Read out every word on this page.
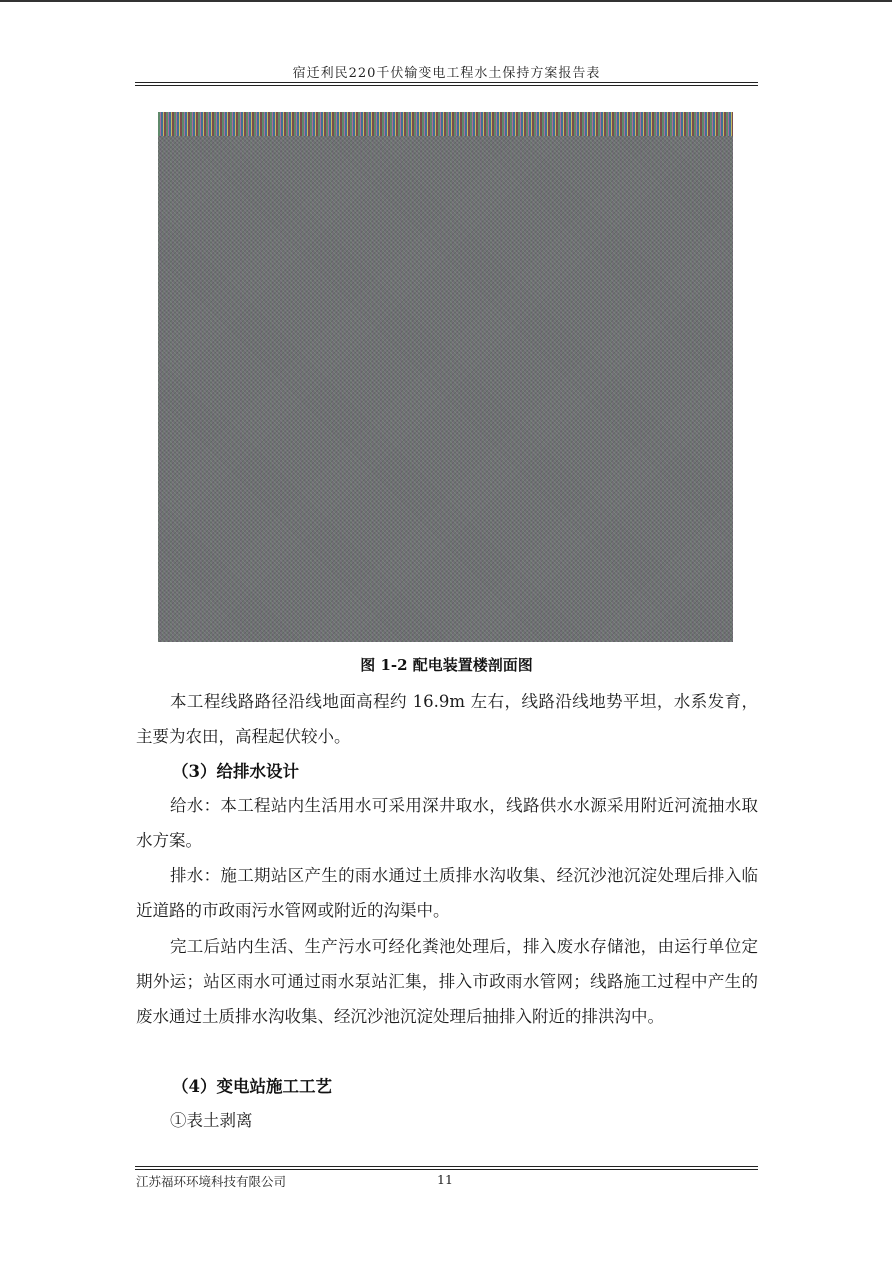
宿迁利民220千伏输变电工程水土保持方案报告表
图 1-2 配电装置楼剖面图

本工程线路路径沿线地面高程约 16.9m 左右，线路沿线地势平坦，水系发育，主要为农田，高程起伏较小。

（3）给排水设计

给水：本工程站内生活用水可采用深井取水，线路供水水源采用附近河流抽水取水方案。

排水：施工期站区产生的雨水通过土质排水沟收集、经沉沙池沉淀处理后排入临近道路的市政雨污水管网或附近的沟渠中。

完工后站内生活、生产污水可经化粪池处理后，排入废水存储池，由运行单位定期外运；站区雨水可通过雨水泵站汇集，排入市政雨水管网；线路施工过程中产生的废水通过土质排水沟收集、经沉沙池沉淀处理后抽排入附近的排洪沟中。

（4）变电站施工工艺
①表土剥离
江苏福环环境科技有限公司	11
